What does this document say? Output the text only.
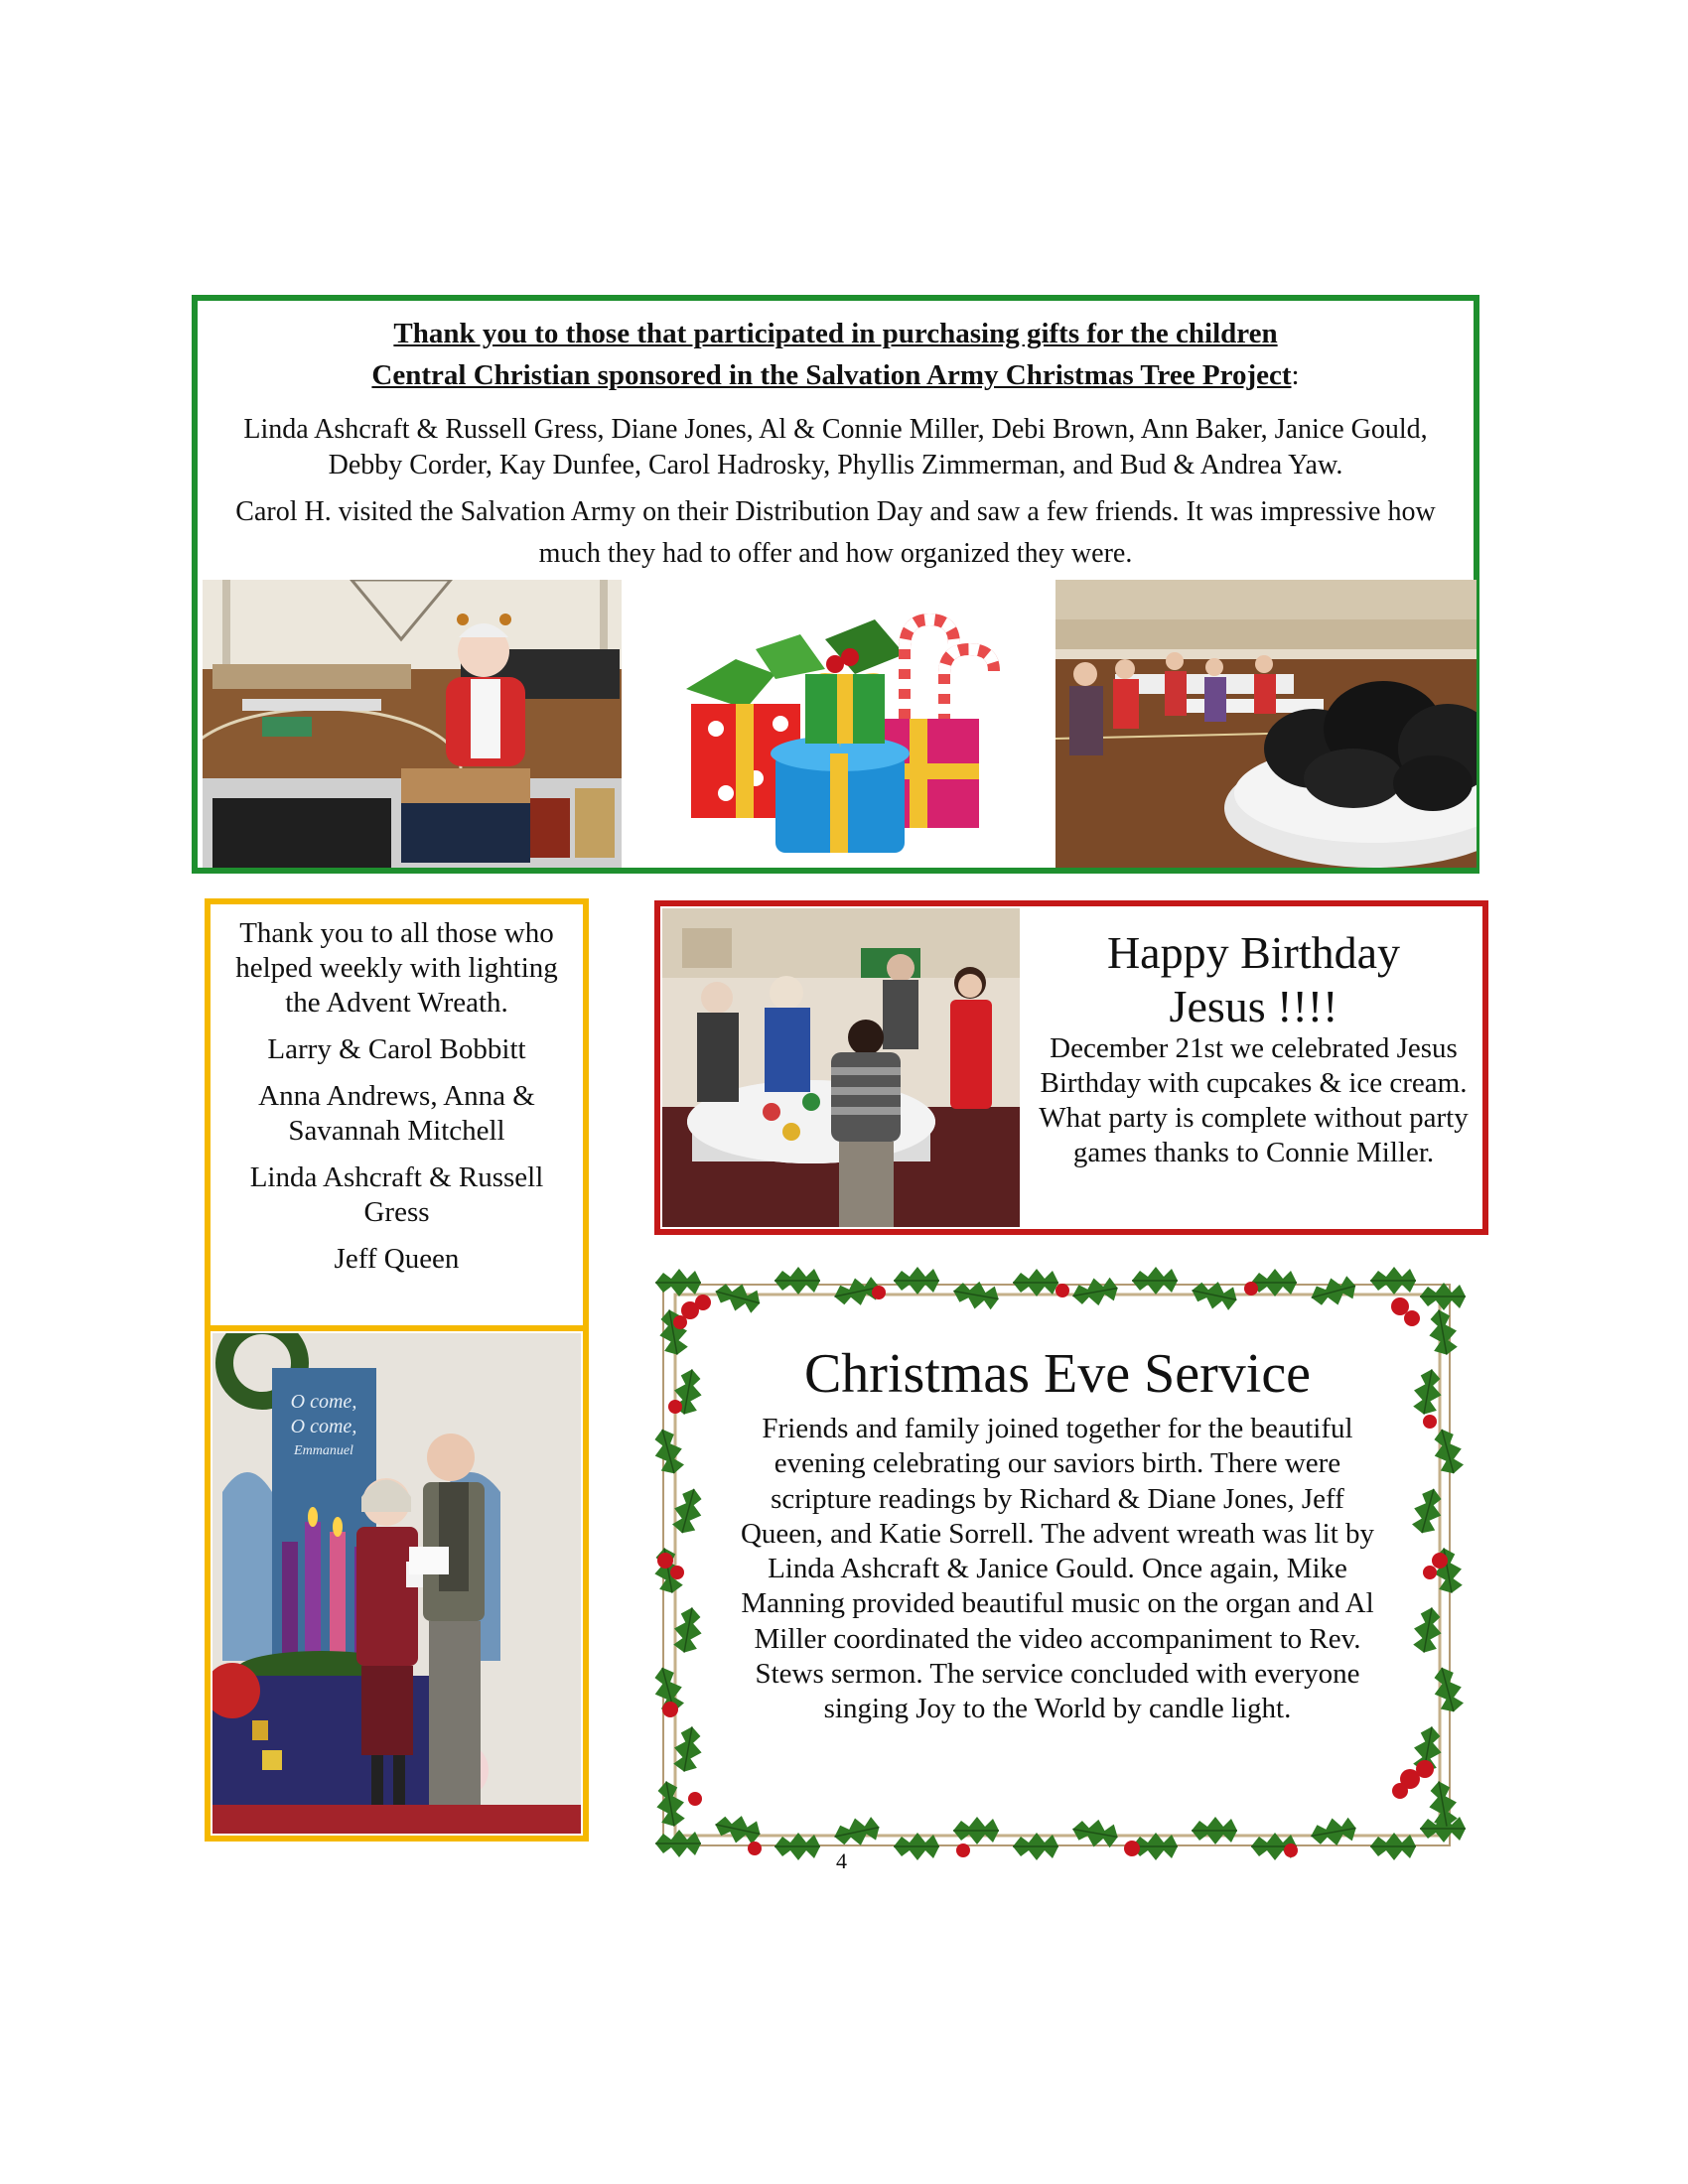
Thank you to those that participated in purchasing gifts for the children
Central Christian sponsored in the Salvation Army Christmas Tree Project:
Linda Ashcraft & Russell Gress, Diane Jones, Al & Connie Miller, Debi Brown, Ann Baker, Janice Gould, Debby Corder, Kay Dunfee, Carol Hadrosky, Phyllis Zimmerman, and Bud & Andrea Yaw.
Carol H. visited the Salvation Army on their Distribution Day and saw a few friends. It was impressive how much they had to offer and how organized they were.

Thank you to all those who helped weekly with lighting the Advent Wreath.

Larry & Carol Bobbitt

Anna Andrews, Anna & Savannah Mitchell

Linda Ashcraft & Russell Gress

Jeff Queen

O come,
O come,
Emmanuel
Happy Birthday
Jesus !!!!
December 21st we celebrated Jesus Birthday with cupcakes & ice cream. What party is complete without party games thanks to Connie Miller.
Christmas Eve Service
Friends and family joined together for the beautiful evening celebrating our saviors birth. There were scripture readings by Richard & Diane Jones, Jeff Queen, and Katie Sorrell. The advent wreath was lit by Linda Ashcraft & Janice Gould. Once again, Mike Manning provided beautiful music on the organ and Al Miller coordinated the video accompaniment to Rev. Stews sermon. The service concluded with everyone singing Joy to the World by candle light.
4
